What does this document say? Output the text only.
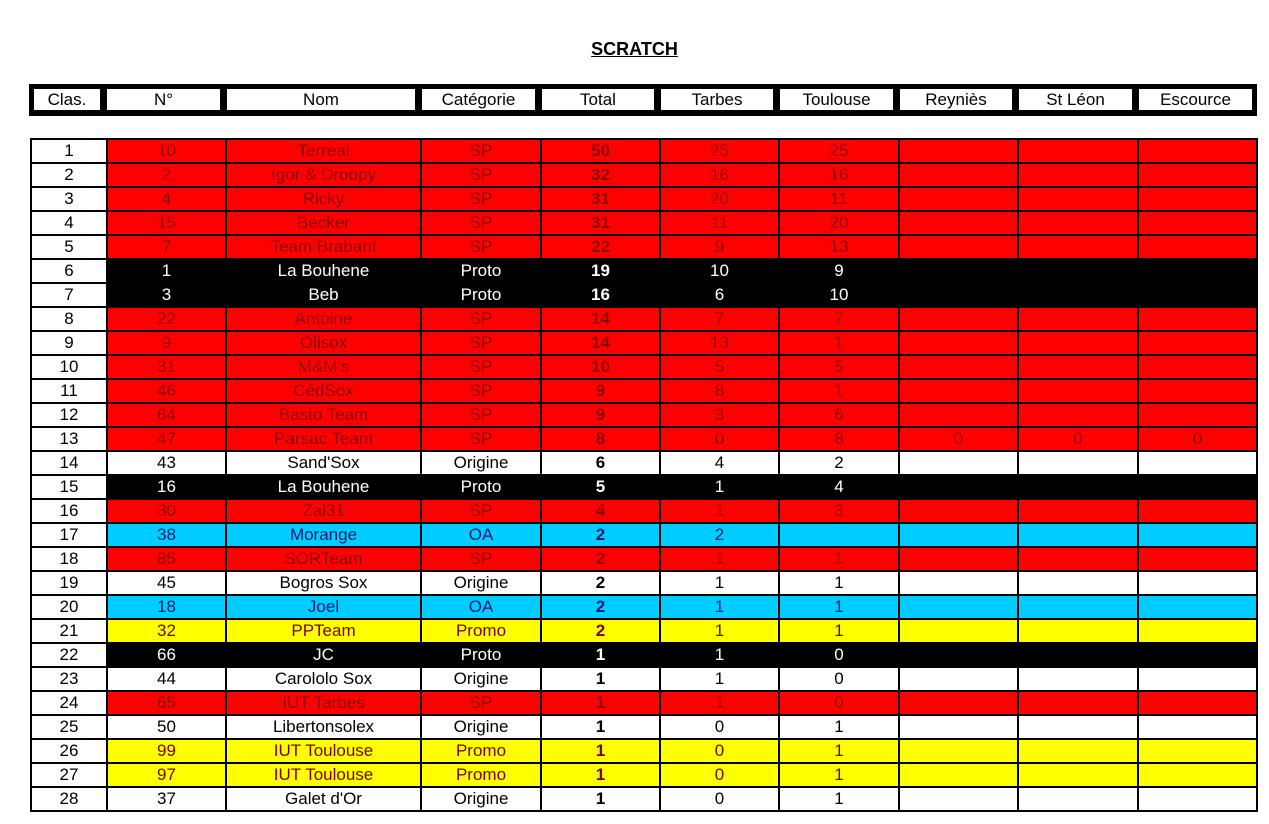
SCRATCH
Clas.	N°	Nom	Catégorie	Total	Tarbes	Toulouse	Reyniès	St Léon	Escource
1	10	Terreal	SP	50	25	25			
2	2	Igor & Droopy	SP	32	16	16			
3	4	Ricky	SP	31	20	11			
4	15	Becker	SP	31	11	20			
5	7	Team Brabant	SP	22	9	13			
6	1	La Bouhene	Proto	19	10	9			
7	3	Beb	Proto	16	6	10			
8	22	Antoine	SP	14	7	7			
9	9	Olisox	SP	14	13	1			
10	31	M&M's	SP	10	5	5			
11	46	CédSox	SP	9	8	1			
12	64	Basto Team	SP	9	3	6			
13	47	Parsac Team	SP	8	0	8	0	0	0
14	43	Sand'Sox	Origine	6	4	2			
15	16	La Bouhene	Proto	5	1	4			
16	30	Zal31	SP	4	1	3			
17	38	Morange	OA	2	2				
18	85	SORTeam	SP	2	1	1			
19	45	Bogros Sox	Origine	2	1	1			
20	18	Joel	OA	2	1	1			
21	32	PPTeam	Promo	2	1	1			
22	66	JC	Proto	1	1	0			
23	44	Carololo Sox	Origine	1	1	0			
24	65	IUT Tarbes	SP	1	1	0			
25	50	Libertonsolex	Origine	1	0	1			
26	99	IUT Toulouse	Promo	1	0	1			
27	97	IUT Toulouse	Promo	1	0	1			
28	37	Galet d'Or	Origine	1	0	1			
